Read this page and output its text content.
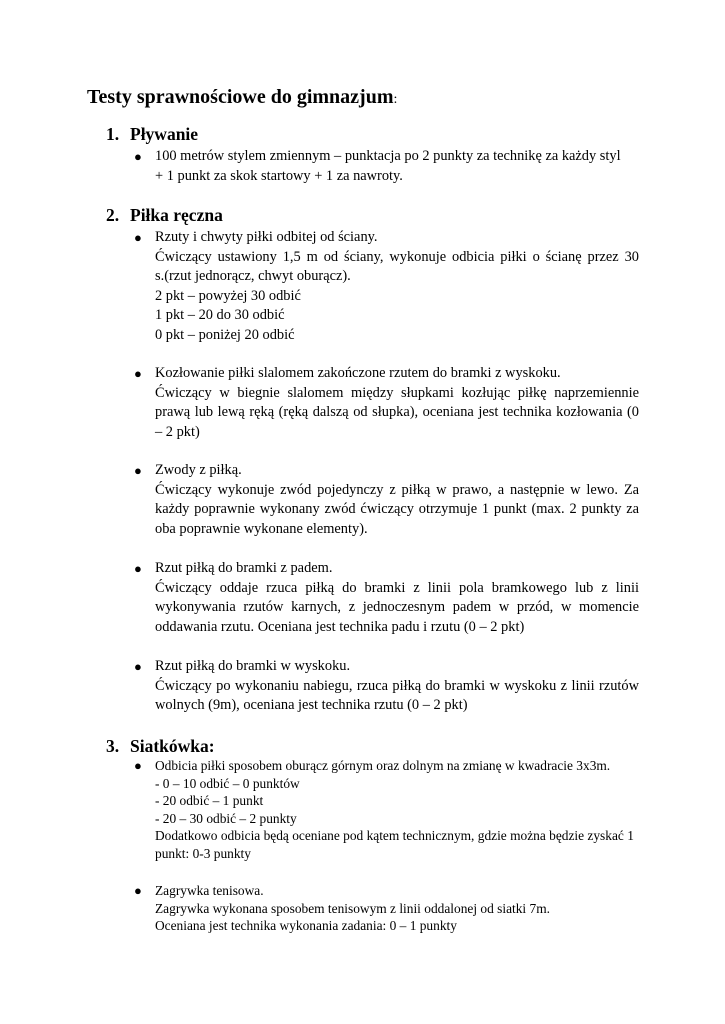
Testy sprawnościowe do gimnazjum:
1. Pływanie
● 100 metrów stylem zmiennym – punktacja po 2 punkty za technikę za każdy styl
+ 1 punkt za skok startowy + 1 za nawroty.
2. Piłka ręczna
● Rzuty i chwyty piłki odbitej od ściany.
Ćwiczący ustawiony 1,5 m od ściany, wykonuje odbicia piłki o ścianę przez 30
s.(rzut jednorącz, chwyt oburącz).
2 pkt – powyżej 30 odbić
1 pkt – 20 do 30 odbić
0 pkt – poniżej 20 odbić
● Kozłowanie piłki slalomem zakończone rzutem do bramki z wyskoku.
Ćwiczący w biegnie slalomem między słupkami kozłując piłkę naprzemiennie
prawą lub lewą ręką (ręką dalszą od słupka), oceniana jest technika kozłowania (0
– 2 pkt)
● Zwody z piłką.
Ćwiczący wykonuje zwód pojedynczy z piłką w prawo, a następnie w lewo. Za
każdy poprawnie wykonany zwód ćwiczący otrzymuje 1 punkt (max. 2 punkty za
oba poprawnie wykonane elementy).
● Rzut piłką do bramki z padem.
Ćwiczący oddaje rzuca piłką do bramki z linii pola bramkowego lub z linii
wykonywania rzutów karnych, z jednoczesnym padem w przód, w momencie
oddawania rzutu. Oceniana jest technika padu i rzutu (0 – 2 pkt)
● Rzut piłką do bramki w wyskoku.
Ćwiczący po wykonaniu nabiegu, rzuca piłką do bramki w wyskoku z linii rzutów
wolnych (9m), oceniana jest technika rzutu (0 – 2 pkt)
3. Siatkówka:
● Odbicia piłki sposobem oburącz górnym oraz dolnym na zmianę w kwadracie 3x3m.
- 0 – 10 odbić – 0 punktów
- 20 odbić – 1 punkt
- 20 – 30 odbić – 2 punkty
Dodatkowo odbicia będą oceniane pod kątem technicznym, gdzie można będzie zyskać 1
punkt: 0-3 punkty
● Zagrywka tenisowa.
Zagrywka wykonana sposobem tenisowym z linii oddalonej od siatki 7m.
Oceniana jest technika wykonania zadania: 0 – 1 punkty
